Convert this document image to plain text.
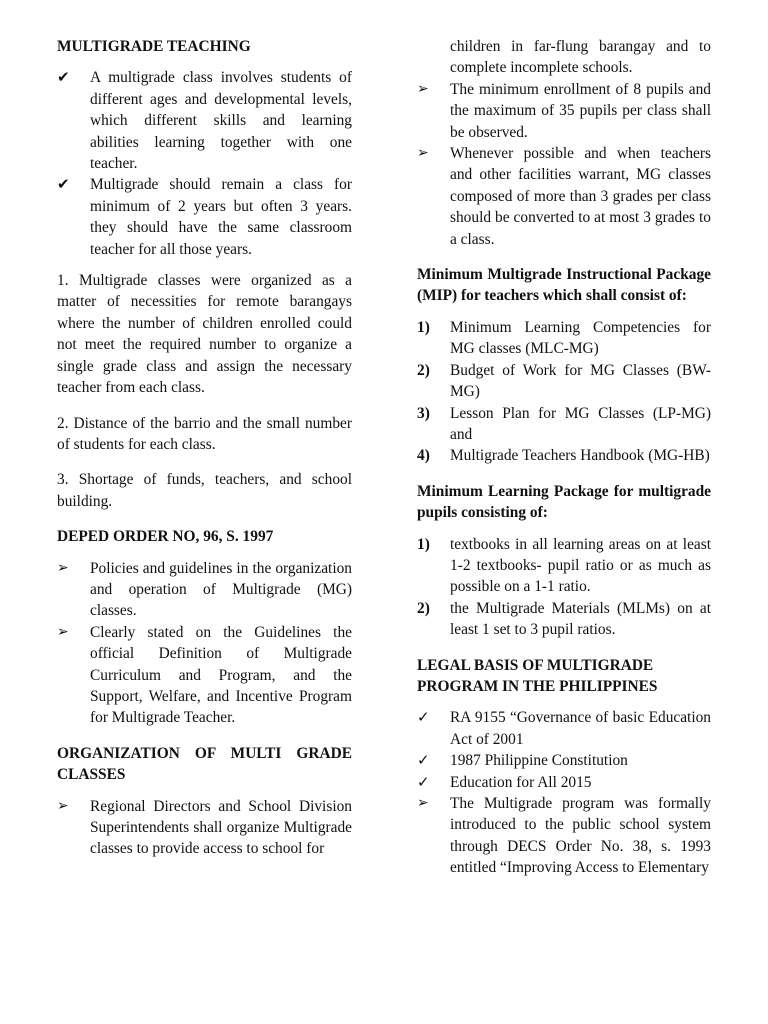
MULTIGRADE TEACHING
✔ A multigrade class involves students of different ages and developmental levels, which different skills and learning abilities learning together with one teacher.
✔ Multigrade should remain a class for minimum of 2 years but often 3 years. they should have the same classroom teacher for all those years.
1. Multigrade classes were organized as a matter of necessities for remote barangays where the number of children enrolled could not meet the required number to organize a single grade class and assign the necessary teacher from each class.
2. Distance of the barrio and the small number of students for each class.
3. Shortage of funds, teachers, and school building.
DEPED ORDER NO, 96, S. 1997
➢ Policies and guidelines in the organization and operation of Multigrade (MG) classes.
➢ Clearly stated on the Guidelines the official Definition of Multigrade Curriculum and Program, and the Support, Welfare, and Incentive Program for Multigrade Teacher.
ORGANIZATION OF MULTI GRADE CLASSES
➢ Regional Directors and School Division Superintendents shall organize Multigrade classes to provide access to school for
children in far-flung barangay and to complete incomplete schools.
➢ The minimum enrollment of 8 pupils and the maximum of 35 pupils per class shall be observed.
➢ Whenever possible and when teachers and other facilities warrant, MG classes composed of more than 3 grades per class should be converted to at most 3 grades to a class.
Minimum Multigrade Instructional Package (MIP) for teachers which shall consist of:
1) Minimum Learning Competencies for MG classes (MLC-MG)
2) Budget of Work for MG Classes (BW-MG)
3) Lesson Plan for MG Classes (LP-MG) and
4) Multigrade Teachers Handbook (MG-HB)
Minimum Learning Package for multigrade pupils consisting of:
1) textbooks in all learning areas on at least 1-2 textbooks- pupil ratio or as much as possible on a 1-1 ratio.
2) the Multigrade Materials (MLMs) on at least 1 set to 3 pupil ratios.
LEGAL BASIS OF MULTIGRADE PROGRAM IN THE PHILIPPINES
✓ RA 9155 “Governance of basic Education Act of 2001
✓ 1987 Philippine Constitution
✓ Education for All 2015
➢ The Multigrade program was formally introduced to the public school system through DECS Order No. 38, s. 1993 entitled “Improving Access to Elementary
